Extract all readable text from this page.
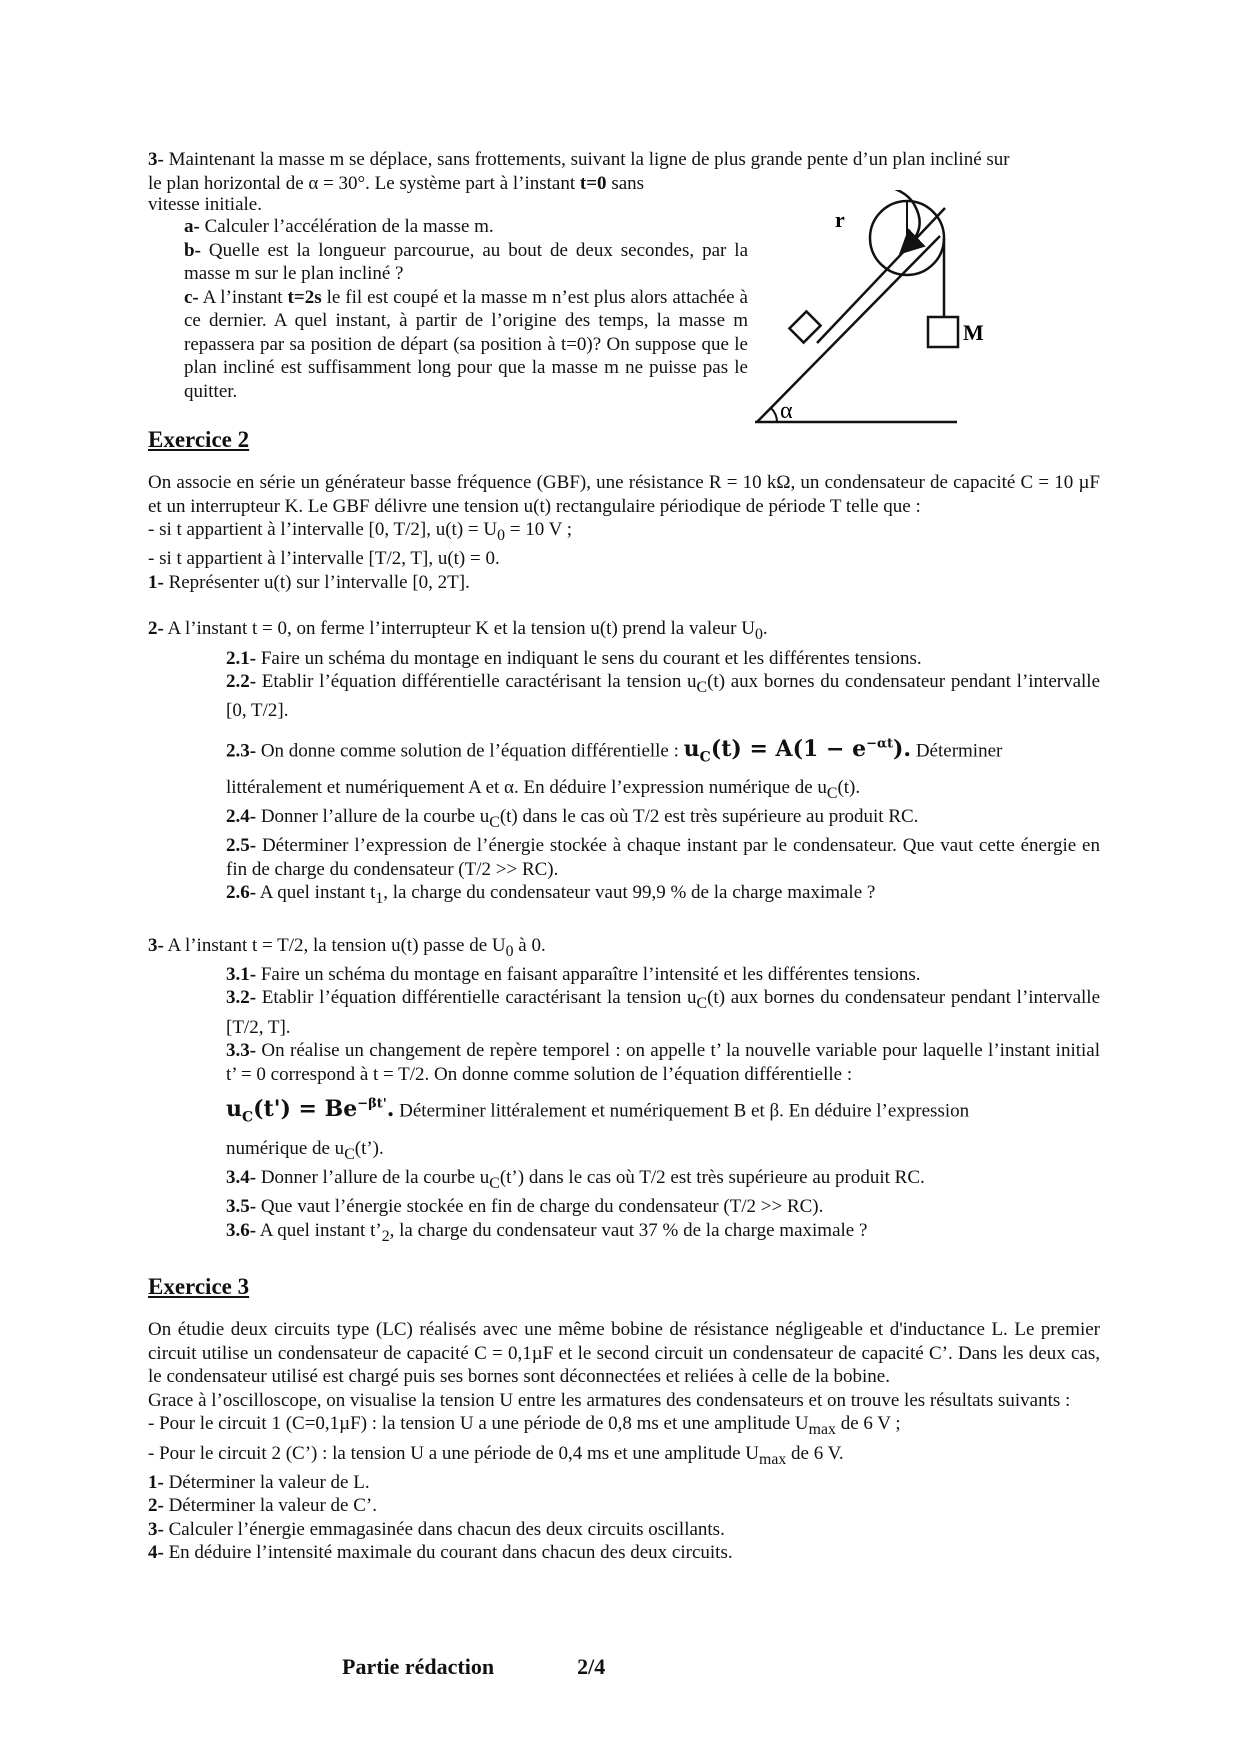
3- Maintenant la masse m se déplace, sans frottements, suivant la ligne de plus grande pente d’un plan incliné sur

le plan horizontal de α = 30°. Le système part à l’instant t=0 sans

vitesse initiale.

a- Calculer l’accélération de la masse m.

b- Quelle est la longueur parcourue, au bout de deux secondes, par la masse m sur le plan incliné ?

c- A l’instant t=2s le fil est coupé et la masse m n’est plus alors attachée à ce dernier. A quel instant, à partir de l’origine des temps, la masse m repassera par sa position de départ (sa position à t=0)? On suppose que le plan incliné est suffisamment long pour que la masse m ne puisse pas le quitter.

Exercice 2

On associe en série un générateur basse fréquence (GBF), une résistance R = 10 kΩ, un condensateur de capacité C = 10 µF et un interrupteur K. Le GBF délivre une tension u(t) rectangulaire périodique de période T telle que :

- si t appartient à l’intervalle [0, T/2], $u(t) = U_0 = 10$ V ;

- si t appartient à l’intervalle [T/2, T], u(t) = 0.

1- Représenter u(t) sur l’intervalle [0, 2T].

2- A l’instant t = 0, on ferme l’interrupteur K et la tension u(t) prend la valeur $U_0$.

2.1- Faire un schéma du montage en indiquant le sens du courant et les différentes tensions.

2.2- Etablir l’équation différentielle caractérisant la tension $u_C(t)$ aux bornes du condensateur pendant l’intervalle [0, T/2].

2.3- On donne comme solution de l’équation différentielle : $u_C(t) = A(1 - e^{-\alpha t})$. Déterminer

littéralement et numériquement A et α. En déduire l’expression numérique de $u_C(t)$.

2.4- Donner l’allure de la courbe $u_C(t)$ dans le cas où T/2 est très supérieure au produit RC.

2.5- Déterminer l’expression de l’énergie stockée à chaque instant par le condensateur. Que vaut cette énergie en fin de charge du condensateur (T/2 >> RC).

2.6- A quel instant $t_1$, la charge du condensateur vaut 99,9 % de la charge maximale ?

3- A l’instant t = T/2, la tension u(t) passe de $U_0$ à 0.

3.1- Faire un schéma du montage en faisant apparaître l’intensité et les différentes tensions.

3.2- Etablir l’équation différentielle caractérisant la tension $u_C(t)$ aux bornes du condensateur pendant l’intervalle [T/2, T].

3.3- On réalise un changement de repère temporel : on appelle t’ la nouvelle variable pour laquelle l’instant initial t’ = 0 correspond à t = T/2. On donne comme solution de l’équation différentielle :

$u_C(t') = Be^{-\beta t'}$. Déterminer littéralement et numériquement B et β. En déduire l’expression

numérique de $u_C(t’)$.

3.4- Donner l’allure de la courbe $u_C(t’)$ dans le cas où T/2 est très supérieure au produit RC.

3.5- Que vaut l’énergie stockée en fin de charge du condensateur (T/2 >> RC).

3.6- A quel instant $t’_2$, la charge du condensateur vaut 37 % de la charge maximale ?

Exercice 3

On étudie deux circuits type (LC) réalisés avec une même bobine de résistance négligeable et d'inductance L. Le premier circuit utilise un condensateur de capacité C = 0,1µF et le second circuit un condensateur de capacité C’. Dans les deux cas, le condensateur utilisé est chargé puis ses bornes sont déconnectées et reliées à celle de la bobine.

Grace à l’oscilloscope, on visualise la tension U entre les armatures des condensateurs et on trouve les résultats suivants :

- Pour le circuit 1 (C=0,1µF) : la tension U a une période de 0,8 ms et une amplitude $U_{max}$ de 6 V ;

- Pour le circuit 2 (C’) : la tension U a une période de 0,4 ms et une amplitude $U_{max}$ de 6 V.

1- Déterminer la valeur de L.

2- Déterminer la valeur de C’.

3- Calculer l’énergie emmagasinée dans chacun des deux circuits oscillants.

4- En déduire l’intensité maximale du courant dans chacun des deux circuits.

r
M
α
Partie rédaction	2/4
